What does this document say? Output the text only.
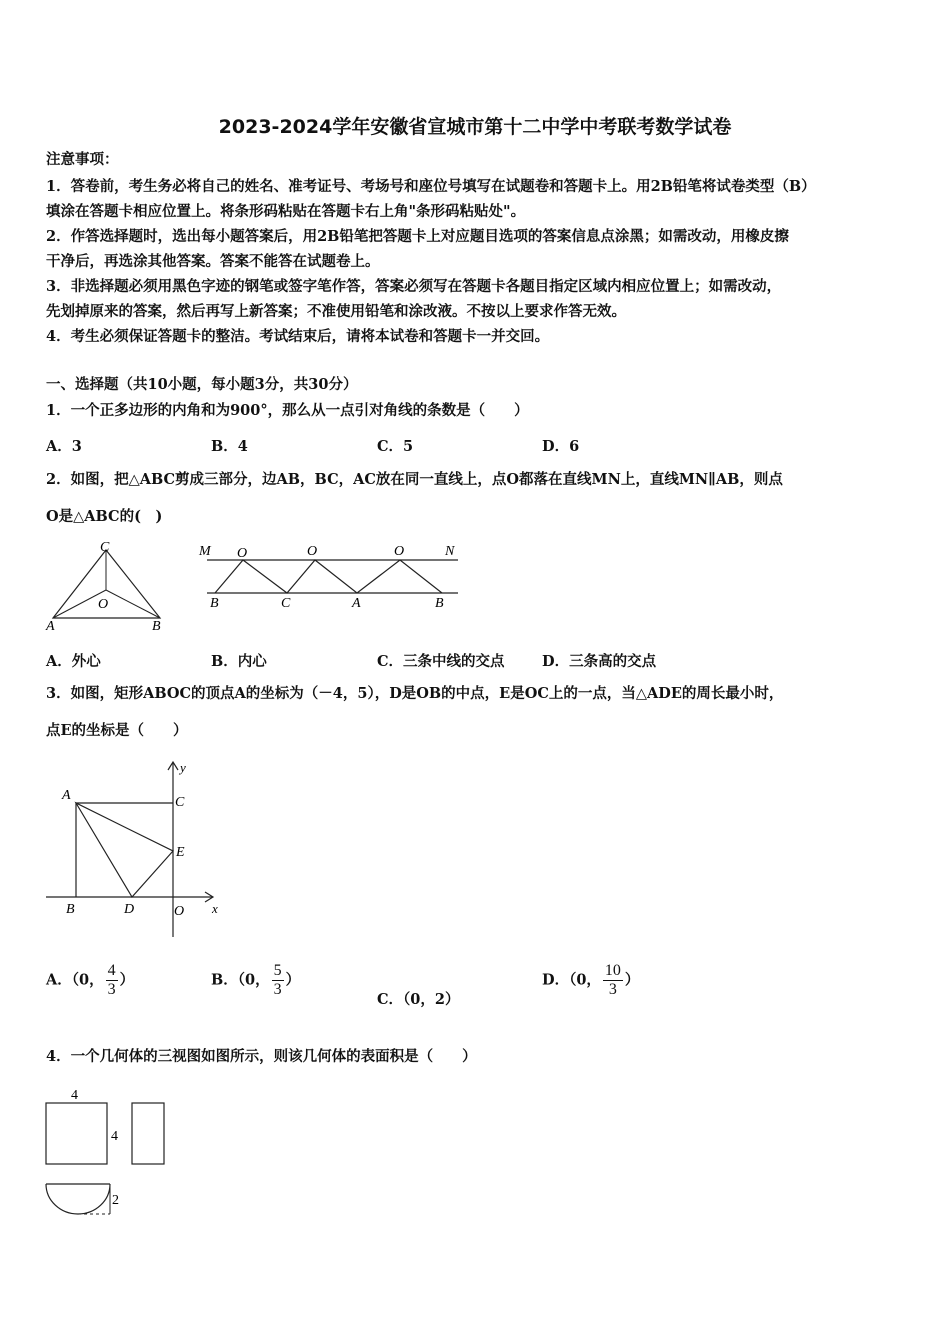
2023-2024学年安徽省宣城市第十二中学中考联考数学试卷
注意事项：
1．答卷前，考生务必将自己的姓名、准考证号、考场号和座位号填写在试题卷和答题卡上。用2B铅笔将试卷类型（B）
填涂在答题卡相应位置上。将条形码粘贴在答题卡右上角"条形码粘贴处"。
2．作答选择题时，选出每小题答案后，用2B铅笔把答题卡上对应题目选项的答案信息点涂黑；如需改动，用橡皮擦
干净后，再选涂其他答案。答案不能答在试题卷上。
3．非选择题必须用黑色字迹的钢笔或签字笔作答，答案必须写在答题卡各题目指定区域内相应位置上；如需改动，
先划掉原来的答案，然后再写上新答案；不准使用铅笔和涂改液。不按以上要求作答无效。
4．考生必须保证答题卡的整洁。考试结束后，请将本试卷和答题卡一并交回。
一、选择题（共10小题，每小题3分，共30分）
1．一个正多边形的内角和为900°，那么从一点引对角线的条数是（　　）
A．3	B．4	C．5	D．6
2．如图，把△ABC剪成三部分，边AB，BC，AC放在同一直线上，点O都落在直线MN上，直线MN∥AB，则点
O是△ABC的(　)
C
O
A	B
M O	O	O	N
B	C	A	B
A．外心	B．内心	C．三条中线的交点	D．三条高的交点
3．如图，矩形ABOC的顶点A的坐标为（－4，5），D是OB的中点，E是OC上的一点，当△ADE的周长最小时，
点E的坐标是（　　）
y
A	C
E
B	D	O x
A．（0， $\frac{4}{3}$ ）	B．（0， $\frac{5}{3}$ ）
C．（0，2）
D．（0， $\frac{10}{3}$ ）
4．一个几何体的三视图如图所示，则该几何体的表面积是（　　）
4
4
2
